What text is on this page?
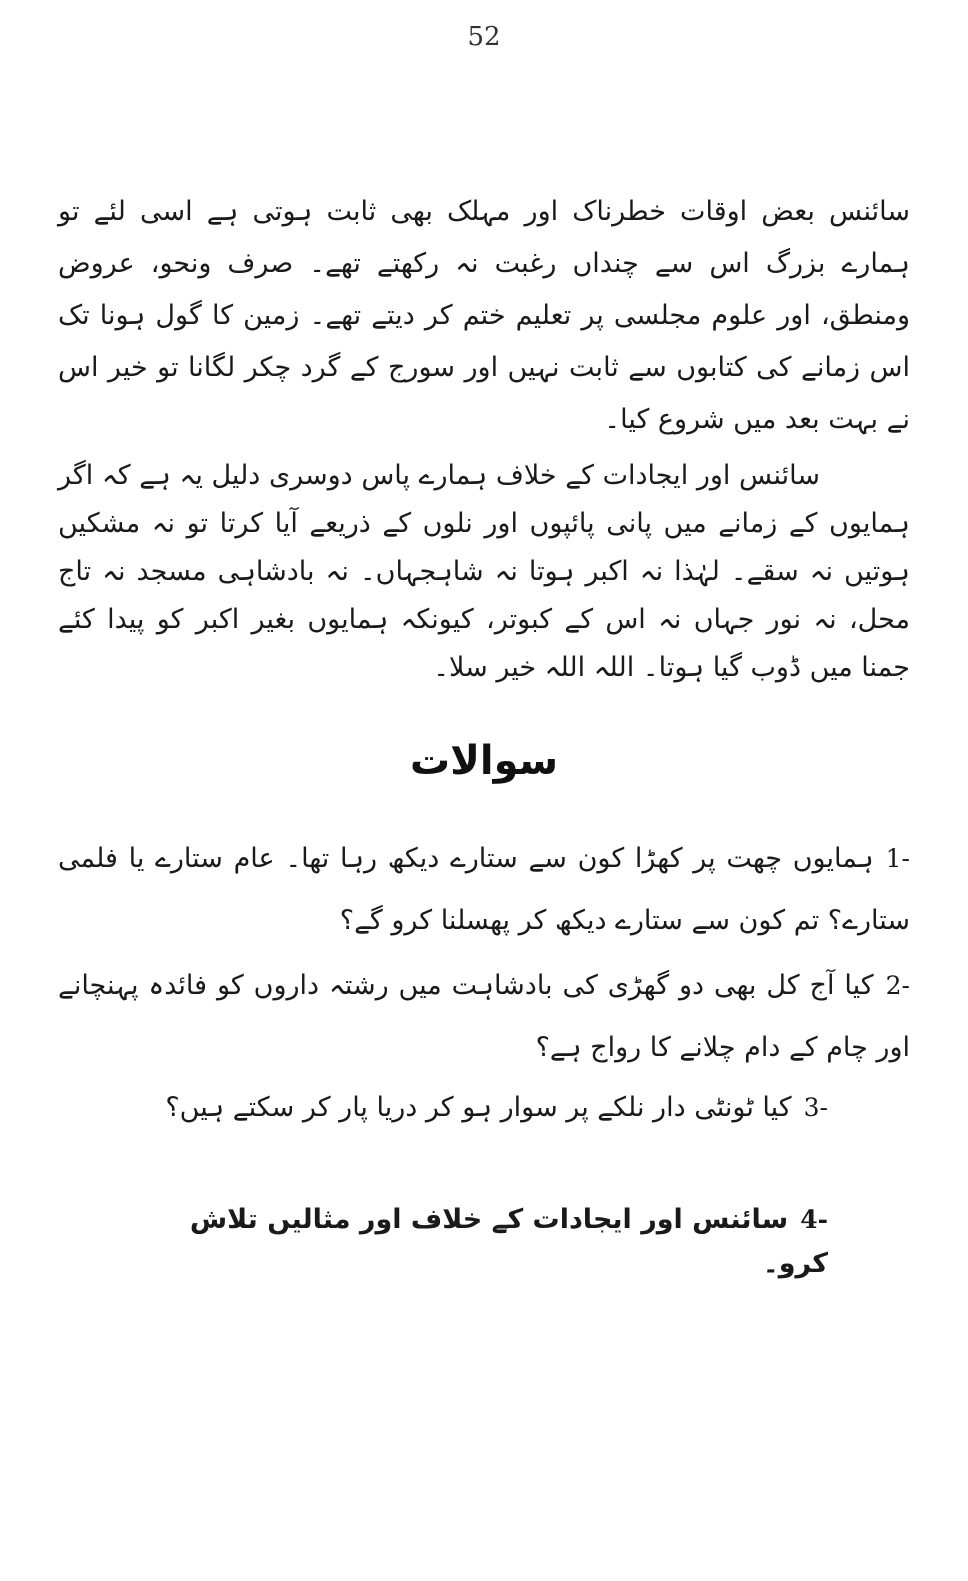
52
سائنس بعض اوقات خطرناک اور مہلک بھی ثابت ہوتی ہے اسی لئے تو ہمارے بزرگ اس سے چنداں رغبت نہ رکھتے تھے۔ صرف ونحو، عروض ومنطق، اور علوم مجلسی پر تعلیم ختم کر دیتے تھے۔ زمین کا گول ہونا تک اس زمانے کی کتابوں سے ثابت نہیں اور سورج کے گرد چکر لگانا تو خیر اس نے بہت بعد میں شروع کیا۔
سائنس اور ایجادات کے خلاف ہمارے پاس دوسری دلیل یہ ہے کہ اگر ہمایوں کے زمانے میں پانی پائپوں اور نلوں کے ذریعے آیا کرتا تو نہ مشکیں ہوتیں نہ سقے۔ لہٰذا نہ اکبر ہوتا نہ شاہجہاں۔ نہ بادشاہی مسجد نہ تاج محل، نہ نور جہاں نہ اس کے کبوتر، کیونکہ ہمایوں بغیر اکبر کو پیدا کئے جمنا میں ڈوب گیا ہوتا۔ اللہ اللہ خیر سلا۔
سوالات
-1ہمایوں چھت پر کھڑا کون سے ستارے دیکھ رہا تھا۔ عام ستارے یا فلمی ستارے؟ تم کون سے ستارے دیکھ کر پھسلنا کرو گے؟
-2کیا آج کل بھی دو گھڑی کی بادشاہت میں رشتہ داروں کو فائدہ پہنچانے اور چام کے دام چلانے کا رواج ہے؟
-3کیا ٹونٹی دار نلکے پر سوار ہو کر دریا پار کر سکتے ہیں؟
-4سائنس اور ایجادات کے خلاف اور مثالیں تلاش کرو۔
